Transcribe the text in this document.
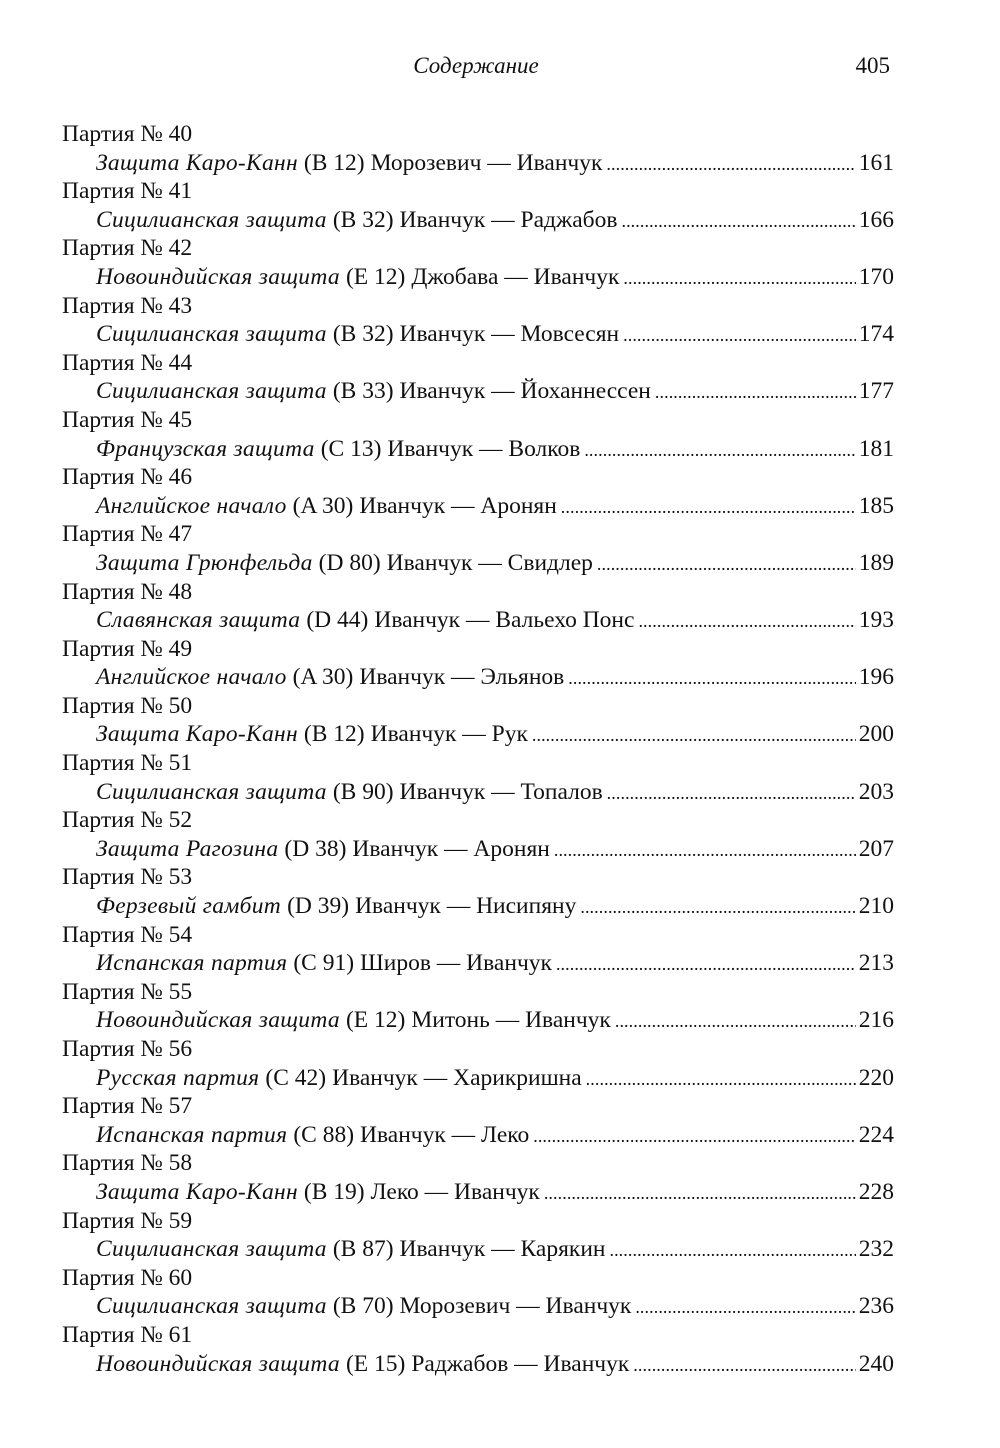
Содержание	405
Партия № 40
Защита Каро-Канн (B 12) Морозевич — Иванчук . . .	161
Партия № 41
Сицилианская защита (B 32) Иванчук — Раджабов . . .	166
Партия № 42
Новоиндийская защита (E 12) Джобава — Иванчук . . .	170
Партия № 43
Сицилианская защита (B 32) Иванчук — Мовсесян . . .	174
Партия № 44
Сицилианская защита (B 33) Иванчук — Йоханнессен . . .	177
Партия № 45
Французская защита (C 13) Иванчук — Волков . . .	181
Партия № 46
Английское начало (A 30) Иванчук — Аронян . . .	185
Партия № 47
Защита Грюнфельда (D 80) Иванчук — Свидлер . . .	189
Партия № 48
Славянская защита (D 44) Иванчук — Вальехо Понс . . .	193
Партия № 49
Английское начало (A 30) Иванчук — Эльянов . . .	196
Партия № 50
Защита Каро-Канн (B 12) Иванчук — Рук . . .	200
Партия № 51
Сицилианская защита (B 90) Иванчук — Топалов . . .	203
Партия № 52
Защита Рагозина (D 38) Иванчук — Аронян . . .	207
Партия № 53
Ферзевый гамбит (D 39) Иванчук — Нисипяну . . .	210
Партия № 54
Испанская партия (C 91) Широв — Иванчук . . .	213
Партия № 55
Новоиндийская защита (E 12) Митонь — Иванчук . . .	216
Партия № 56
Русская партия (C 42) Иванчук — Харикришна . . .	220
Партия № 57
Испанская партия (C 88) Иванчук — Леко . . .	224
Партия № 58
Защита Каро-Канн (B 19) Леко — Иванчук . . .	228
Партия № 59
Сицилианская защита (B 87) Иванчук — Карякин . . .	232
Партия № 60
Сицилианская защита (B 70) Морозевич — Иванчук . . .	236
Партия № 61
Новоиндийская защита (E 15) Раджабов — Иванчук . . .	240
